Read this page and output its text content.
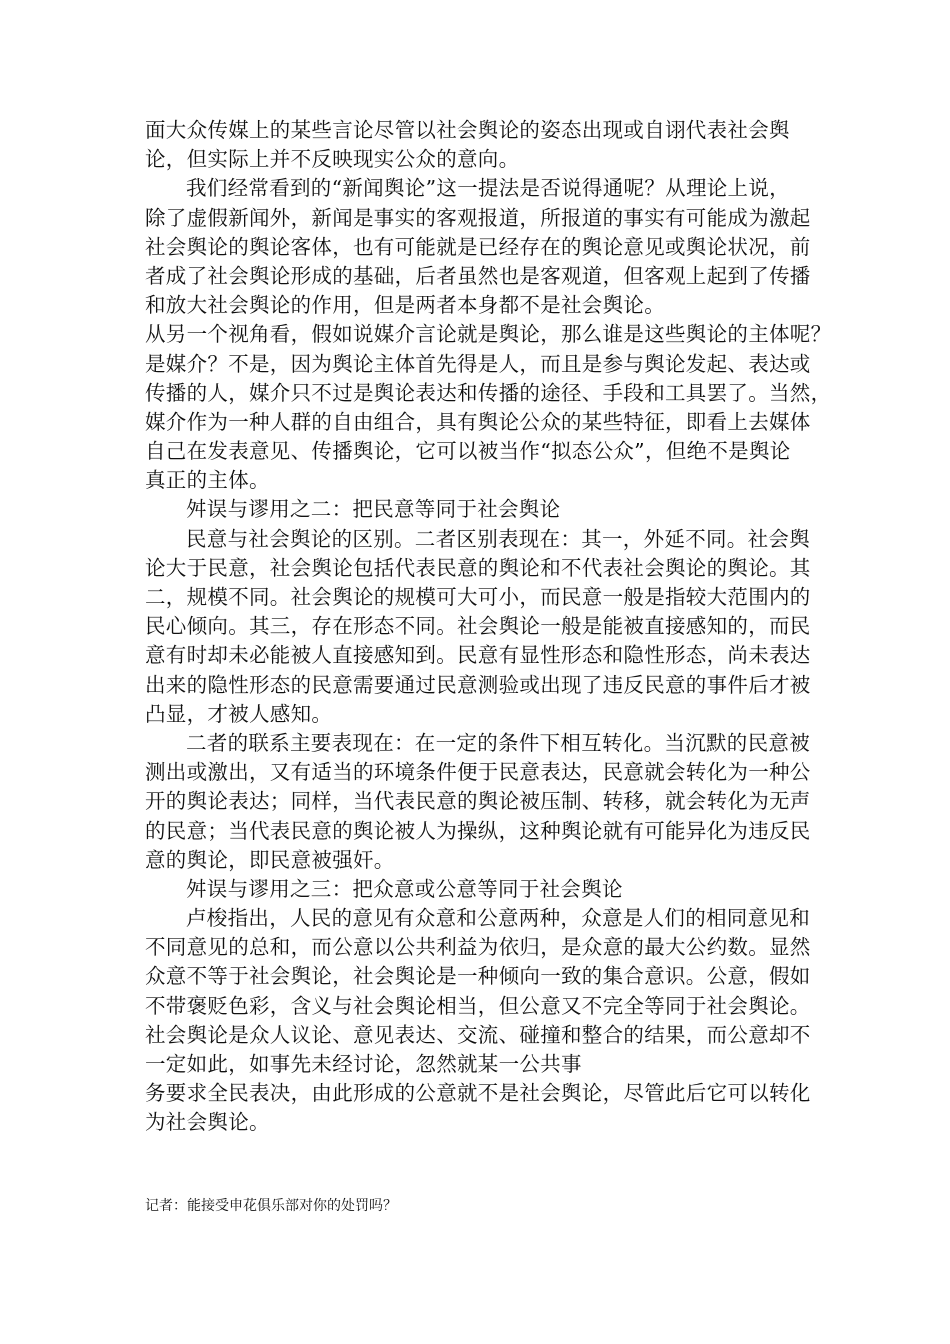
面大众传媒上的某些言论尽管以社会舆论的姿态出现或自诩代表社会舆
论，但实际上并不反映现实公众的意向。
我们经常看到的“新闻舆论”这一提法是否说得通呢？从理论上说，
除了虚假新闻外，新闻是事实的客观报道，所报道的事实有可能成为激起
社会舆论的舆论客体，也有可能就是已经存在的舆论意见或舆论状况，前
者成了社会舆论形成的基础，后者虽然也是客观道，但客观上起到了传播
和放大社会舆论的作用，但是两者本身都不是社会舆论。
从另一个视角看，假如说媒介言论就是舆论，那么谁是这些舆论的主体呢？
是媒介？不是，因为舆论主体首先得是人，而且是参与舆论发起、表达或
传播的人，媒介只不过是舆论表达和传播的途径、手段和工具罢了。当然，
媒介作为一种人群的自由组合，具有舆论公众的某些特征，即看上去媒体
自己在发表意见、传播舆论，它可以被当作“拟态公众”，但绝不是舆论
真正的主体。
舛误与谬用之二：把民意等同于社会舆论
民意与社会舆论的区别。二者区别表现在：其一，外延不同。社会舆
论大于民意，社会舆论包括代表民意的舆论和不代表社会舆论的舆论。其
二，规模不同。社会舆论的规模可大可小，而民意一般是指较大范围内的
民心倾向。其三，存在形态不同。社会舆论一般是能被直接感知的，而民
意有时却未必能被人直接感知到。民意有显性形态和隐性形态，尚未表达
出来的隐性形态的民意需要通过民意测验或出现了违反民意的事件后才被
凸显，才被人感知。
二者的联系主要表现在：在一定的条件下相互转化。当沉默的民意被
测出或激出，又有适当的环境条件便于民意表达，民意就会转化为一种公
开的舆论表达；同样，当代表民意的舆论被压制、转移，就会转化为无声
的民意；当代表民意的舆论被人为操纵，这种舆论就有可能异化为违反民
意的舆论，即民意被强奸。
舛误与谬用之三：把众意或公意等同于社会舆论
卢梭指出，人民的意见有众意和公意两种，众意是人们的相同意见和
不同意见的总和，而公意以公共利益为依归，是众意的最大公约数。显然
众意不等于社会舆论，社会舆论是一种倾向一致的集合意识。公意，假如
不带褒贬色彩，含义与社会舆论相当，但公意又不完全等同于社会舆论。
社会舆论是众人议论、意见表达、交流、碰撞和整合的结果，而公意却不
一定如此，如事先未经讨论，忽然就某一公共事
务要求全民表决，由此形成的公意就不是社会舆论，尽管此后它可以转化
为社会舆论。
记者：能接受申花俱乐部对你的处罚吗？
